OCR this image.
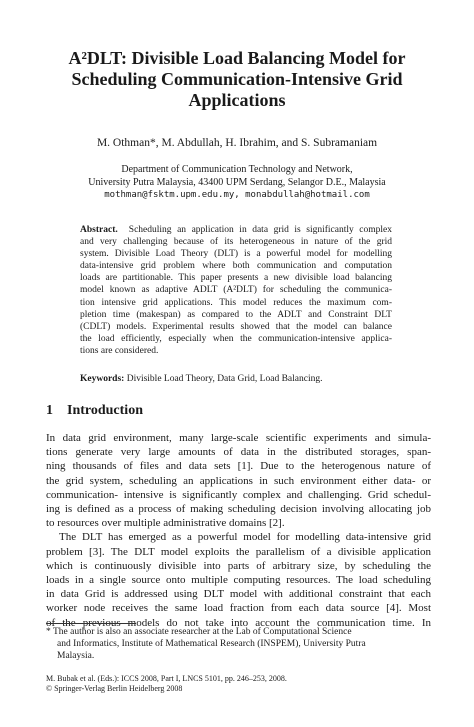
A²DLT: Divisible Load Balancing Model for
Scheduling Communication-Intensive Grid
Applications
M. Othman*, M. Abdullah, H. Ibrahim, and S. Subramaniam
Department of Communication Technology and Network,
University Putra Malaysia, 43400 UPM Serdang, Selangor D.E., Malaysia
mothman@fsktm.upm.edu.my, monabdullah@hotmail.com
Abstract. Scheduling an application in data grid is significantly complex
and very challenging because of its heterogeneous in nature of the grid
system. Divisible Load Theory (DLT) is a powerful model for modelling
data-intensive grid problem where both communication and computation
loads are partitionable. This paper presents a new divisible load balancing
model known as adaptive ADLT (A²DLT) for scheduling the communica-
tion intensive grid applications. This model reduces the maximum com-
pletion time (makespan) as compared to the ADLT and Constraint DLT
(CDLT) models. Experimental results showed that the model can balance
the load efficiently, especially when the communication-intensive applica-
tions are considered.
Keywords: Divisible Load Theory, Data Grid, Load Balancing.
1 Introduction
In data grid environment, many large-scale scientific experiments and simula-
tions generate very large amounts of data in the distributed storages, span-
ning thousands of files and data sets [1]. Due to the heterogenous nature of
the grid system, scheduling an applications in such environment either data- or
communication- intensive is significantly complex and challenging. Grid schedul-
ing is defined as a process of making scheduling decision involving allocating job
to resources over multiple administrative domains [2].
The DLT has emerged as a powerful model for modelling data-intensive grid
problem [3]. The DLT model exploits the parallelism of a divisible application
which is continuously divisible into parts of arbitrary size, by scheduling the
loads in a single source onto multiple computing resources. The load scheduling
in data Grid is addressed using DLT model with additional constraint that each
worker node receives the same load fraction from each data source [4]. Most
of the previous models do not take into account the communication time. In
* The author is also an associate researcher at the Lab of Computational Science
and Informatics, Institute of Mathematical Research (INSPEM), University Putra
Malaysia.
M. Bubak et al. (Eds.): ICCS 2008, Part I, LNCS 5101, pp. 246–253, 2008.
© Springer-Verlag Berlin Heidelberg 2008
